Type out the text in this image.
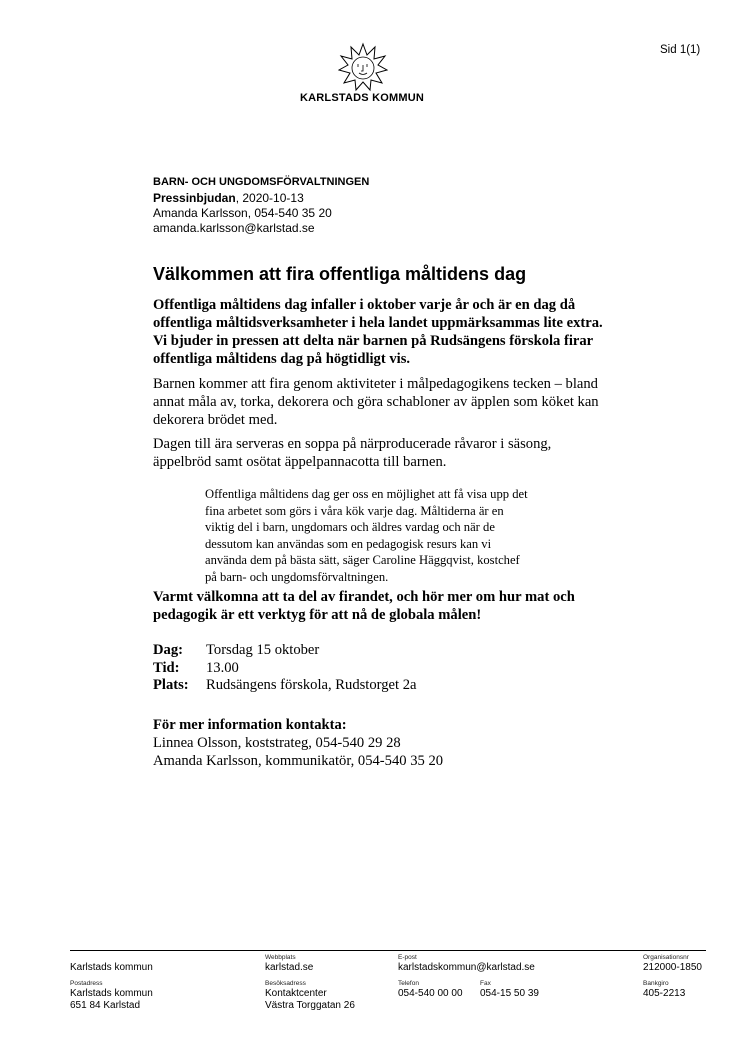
KARLSTADS KOMMUN
Sid 1(1)
BARN- OCH UNGDOMSFÖRVALTNINGEN
Pressinbjudan, 2020-10-13
Amanda Karlsson, 054-540 35 20
amanda.karlsson@karlstad.se
Välkommen att fira offentliga måltidens dag
Offentliga måltidens dag infaller i oktober varje år och är en dag då
offentliga måltidsverksamheter i hela landet uppmärksammas lite extra.
Vi bjuder in pressen att delta när barnen på Rudsängens förskola firar
offentliga måltidens dag på högtidligt vis.
Barnen kommer att fira genom aktiviteter i målpedagogikens tecken – bland
annat måla av, torka, dekorera och göra schabloner av äpplen som köket kan
dekorera brödet med.
Dagen till ära serveras en soppa på närproducerade råvaror i säsong,
äppelbröd samt osötat äppelpannacotta till barnen.
Offentliga måltidens dag ger oss en möjlighet att få visa upp det
fina arbetet som görs i våra kök varje dag. Måltiderna är en
viktig del i barn, ungdomars och äldres vardag och när de
dessutom kan användas som en pedagogisk resurs kan vi
använda dem på bästa sätt, säger Caroline Häggqvist, kostchef
på barn- och ungdomsförvaltningen.
Varmt välkomna att ta del av firandet, och hör mer om hur mat och
pedagogik är ett verktyg för att nå de globala målen!
Dag: Torsdag 15 oktober
Tid: 13.00
Plats: Rudsängens förskola, Rudstorget 2a
För mer information kontakta:
Linnea Olsson, koststrateg, 054-540 29 28
Amanda Karlsson, kommunikatör, 054-540 35 20
Karlstads kommun
Webbplats
karlstad.se
E-post
karlstadskommun@karlstad.se
Organisationsnr
212000-1850
Postadress
Karlstads kommun
651 84 Karlstad
Besöksadress
Kontaktcenter
Västra Torggatan 26
Telefon
054-540 00 00
Fax
054-15 50 39
Bankgiro
405-2213
